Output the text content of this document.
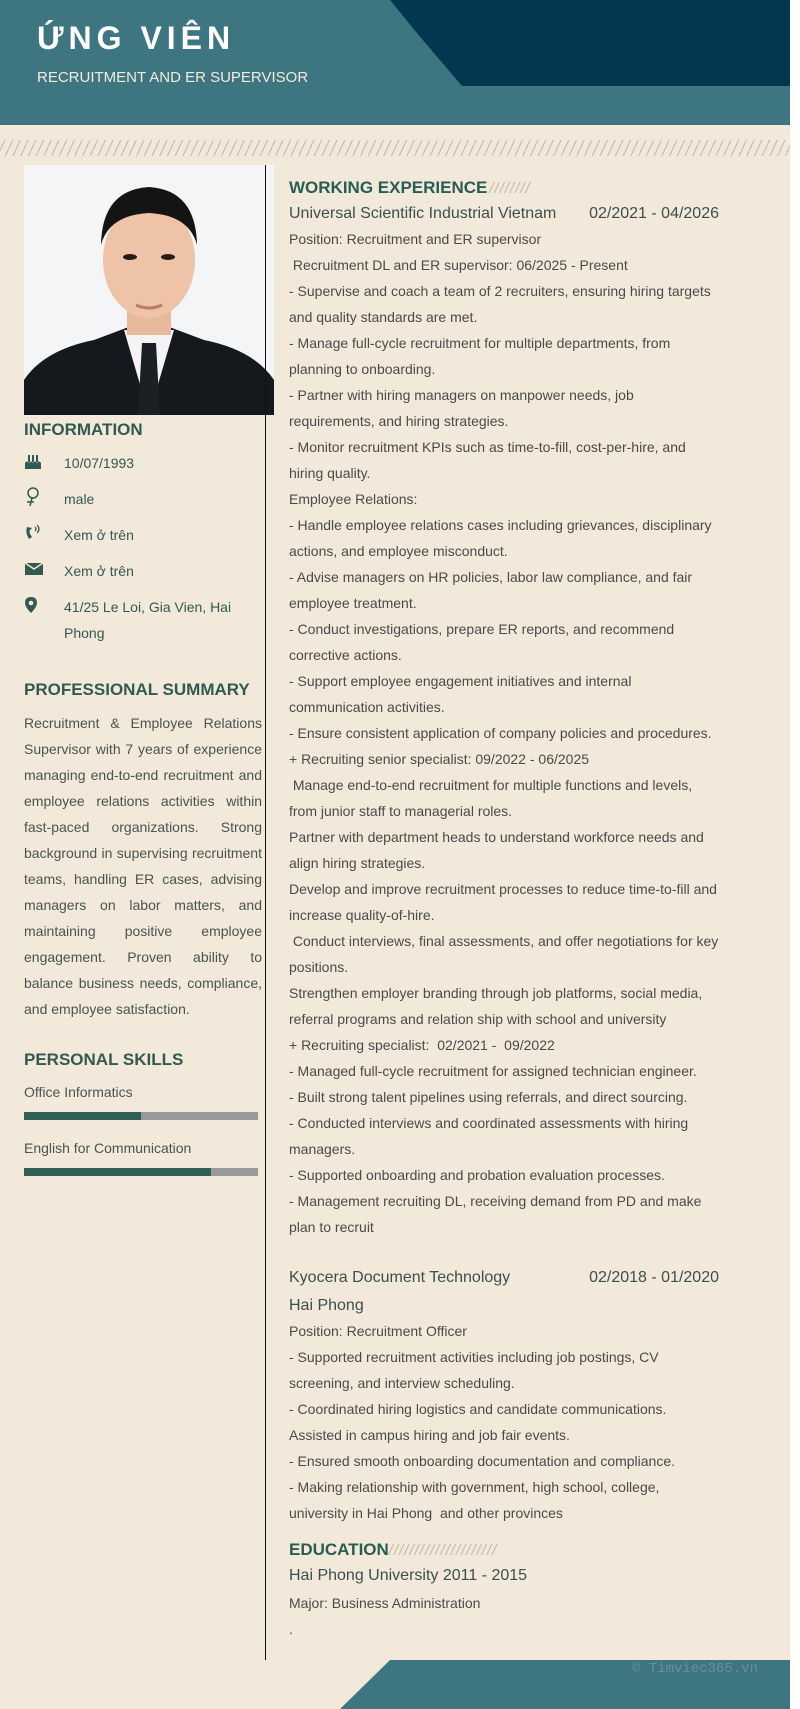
ỨNG VIÊN
RECRUITMENT AND ER SUPERVISOR
INFORMATION
10/07/1993
male
Xem ở trên
Xem ở trên
41/25 Le Loi, Gia Vien, Hai Phong
PROFESSIONAL SUMMARY
Recruitment & Employee Relations Supervisor with 7 years of experience managing end-to-end recruitment and employee relations activities within fast-paced organizations. Strong background in supervising recruitment teams, handling ER cases, advising managers on labor matters, and maintaining positive employee engagement. Proven ability to balance business needs, compliance, and employee satisfaction.
PERSONAL SKILLS
Office Informatics
English for Communication
WORKING EXPERIENCE ////////
Universal Scientific Industrial Vietnam 02/2021 - 04/2026
Position: Recruitment and ER supervisor
Recruitment DL and ER supervisor: 06/2025 - Present
- Supervise and coach a team of 2 recruiters, ensuring hiring targets and quality standards are met.
- Manage full-cycle recruitment for multiple departments, from planning to onboarding.
- Partner with hiring managers on manpower needs, job requirements, and hiring strategies.
- Monitor recruitment KPIs such as time-to-fill, cost-per-hire, and hiring quality.
Employee Relations:
- Handle employee relations cases including grievances, disciplinary actions, and employee misconduct.
- Advise managers on HR policies, labor law compliance, and fair employee treatment.
- Conduct investigations, prepare ER reports, and recommend corrective actions.
- Support employee engagement initiatives and internal communication activities.
- Ensure consistent application of company policies and procedures.
+ Recruiting senior specialist: 09/2022 - 06/2025
Manage end-to-end recruitment for multiple functions and levels, from junior staff to managerial roles.
Partner with department heads to understand workforce needs and align hiring strategies.
Develop and improve recruitment processes to reduce time-to-fill and increase quality-of-hire.
Conduct interviews, final assessments, and offer negotiations for key positions.
Strengthen employer branding through job platforms, social media, referral programs and relation ship with school and university
+ Recruiting specialist:  02/2021 -  09/2022
- Managed full-cycle recruitment for assigned technician engineer.
- Built strong talent pipelines using referrals, and direct sourcing.
- Conducted interviews and coordinated assessments with hiring managers.
- Supported onboarding and probation evaluation processes.
- Management recruiting DL, receiving demand from PD and make plan to recruit
Kyocera Document Technology	02/2018 - 01/2020
Hai Phong
Position: Recruitment Officer
- Supported recruitment activities including job postings, CV screening, and interview scheduling.
- Coordinated hiring logistics and candidate communications. Assisted in campus hiring and job fair events.
- Ensured smooth onboarding documentation and compliance.
- Making relationship with government, high school, college, university in Hai Phong  and other provinces
EDUCATION /////////////////////
Hai Phong University 2011 - 2015
Major: Business Administration
.
© Timviec365.vn
